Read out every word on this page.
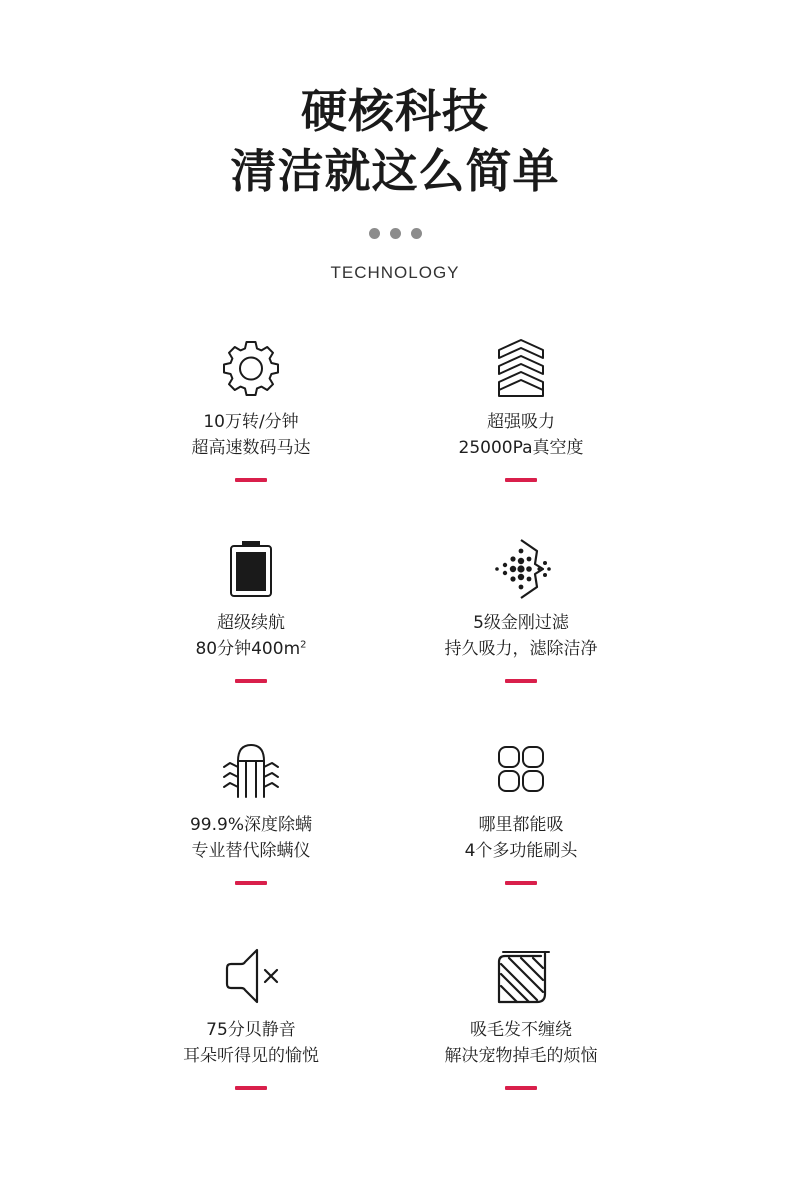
硬核科技
清洁就这么简单
TECHNOLOGY
10万转/分钟
超高速数码马达
超强吸力
25000Pa真空度
超级续航
80分钟$400m^2$
5级金刚过滤
持久吸力，滤除洁净
99.9%深度除螨
专业替代除螨仪
哪里都能吸
4个多功能刷头
75分贝静音
耳朵听得见的愉悦
吸毛发不缠绕
解决宠物掉毛的烦恼
